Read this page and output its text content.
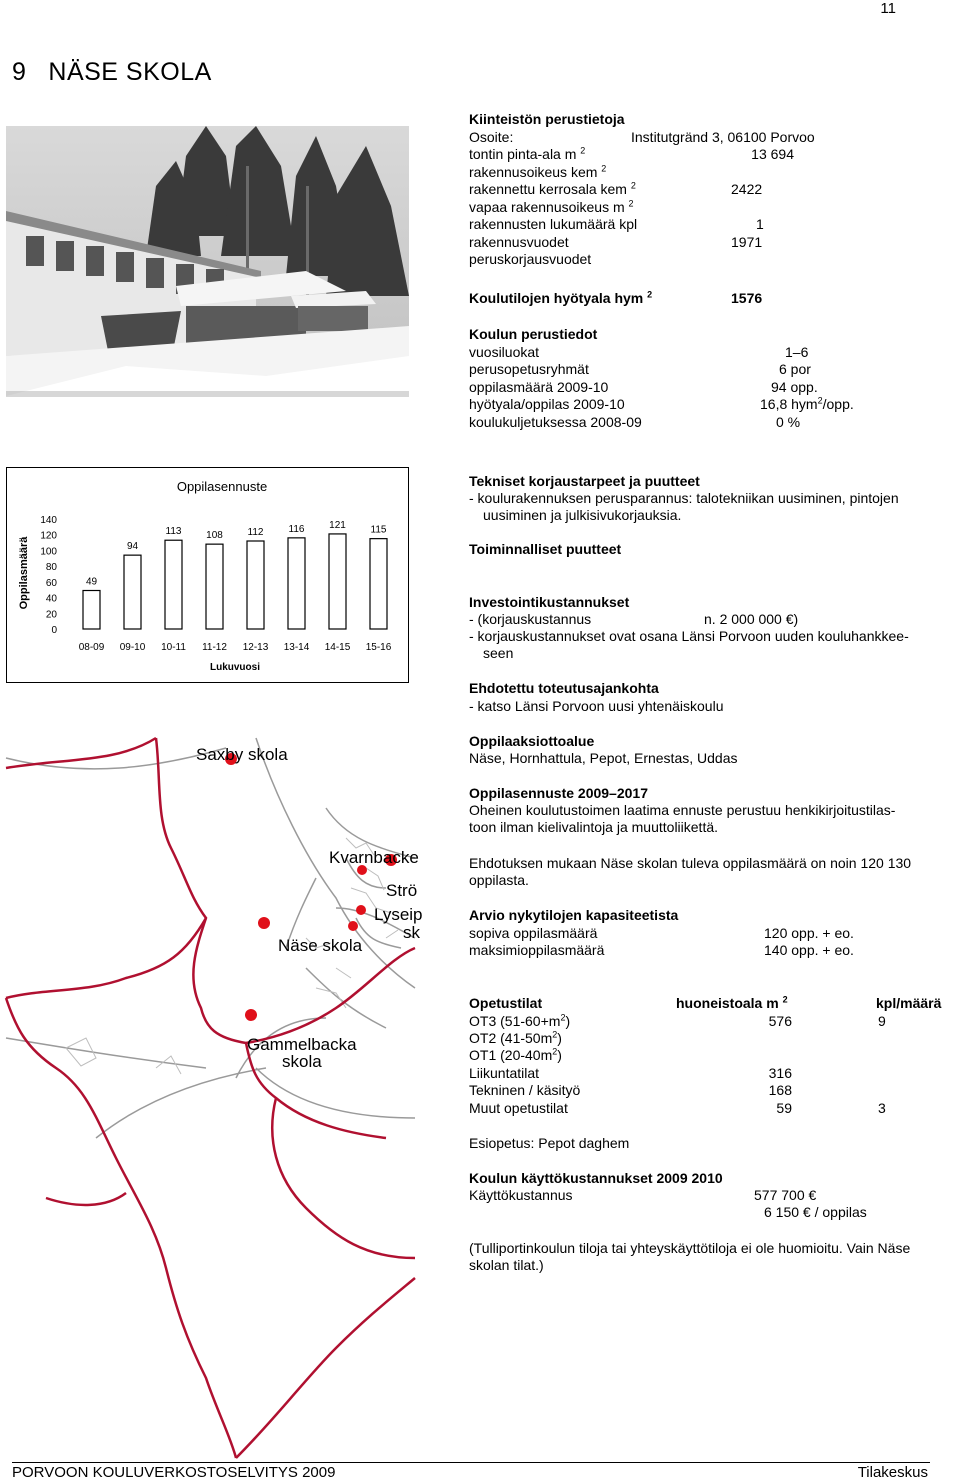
11
9 NÄSE SKOLA
Kiinteistön perustietoja
Osoite:	Institutgränd 3, 06100 Porvoo
tontin pinta-ala m $^2$	13 694
rakennusoikeus kem $^2$
rakennettu kerrosala kem $^2$	2422
vapaa rakennusoikeus m $^2$
rakennusten lukumäärä kpl	1
rakennusvuodet	1971
peruskorjausvuodet
Koulutilojen hyötyala hym $^2$	1576
Koulun perustiedot
vuosiluokat	1–6
perusopetusryhmät	6 por
oppilasmäärä 2009-10	94 opp.
hyötyala/oppilas 2009-10	16,8 hym$^2$/opp.
koulukuljetuksessa 2008-09	0 %
Oppilasennuste
Oppilasmäärä
0
20
40
60
80
100
120
140
49
08-09
94
09-10
113
10-11
108
11-12
112
12-13
116
13-14
121
14-15
115
15-16
Lukuvuosi
Saxby skola
Kvarnbacke
Strö
Lyseip
sk
Näse skola
Gammelbacka
skola
Tekniset korjaustarpeet ja puutteet
- koulurakennuksen perusparannus: talotekniikan uusiminen, pintojen
uusiminen ja julkisivukorjauksia.
Toiminnalliset puutteet
Investointikustannukset
- (korjauskustannus	n. 2 000 000 €)
- korjauskustannukset ovat osana Länsi Porvoon uuden kouluhankkee-
seen
Ehdotettu toteutusajankohta
- katso Länsi Porvoon uusi yhtenäiskoulu
Oppilaaksiottoalue
Näse, Hornhattula, Pepot, Ernestas, Uddas
Oppilasennuste 2009–2017
Oheinen koulutustoimen laatima ennuste perustuu henkikirjoitustilas-
toon ilman kielivalintoja ja muuttoliikettä.
Ehdotuksen mukaan Näse skolan tuleva oppilasmäärä on noin 120 130
oppilasta.
Arvio nykytilojen kapasiteetista
sopiva oppilasmäärä	120 opp. + eo.
maksimioppilasmäärä	140 opp. + eo.
Opetustilat	huoneistoala m $^2$	kpl/määrä
OT3 $(51-60+m^2)$	576	9
OT2 $(41-50m^2)$
OT1 $(20-40m^2)$
Liikuntatilat	316
Tekninen / käsityö	168
Muut opetustilat	59	3
Esiopetus: Pepot daghem
Koulun käyttökustannukset 2009 2010
Käyttökustannus	577 700 €
6 150 € / oppilas
(Tulliportinkoulun tiloja tai yhteyskäyttötiloja ei ole huomioitu. Vain Näse
skolan tilat.)
PORVOON KOULUVERKOSTOSELVITYS 2009	Tilakeskus
